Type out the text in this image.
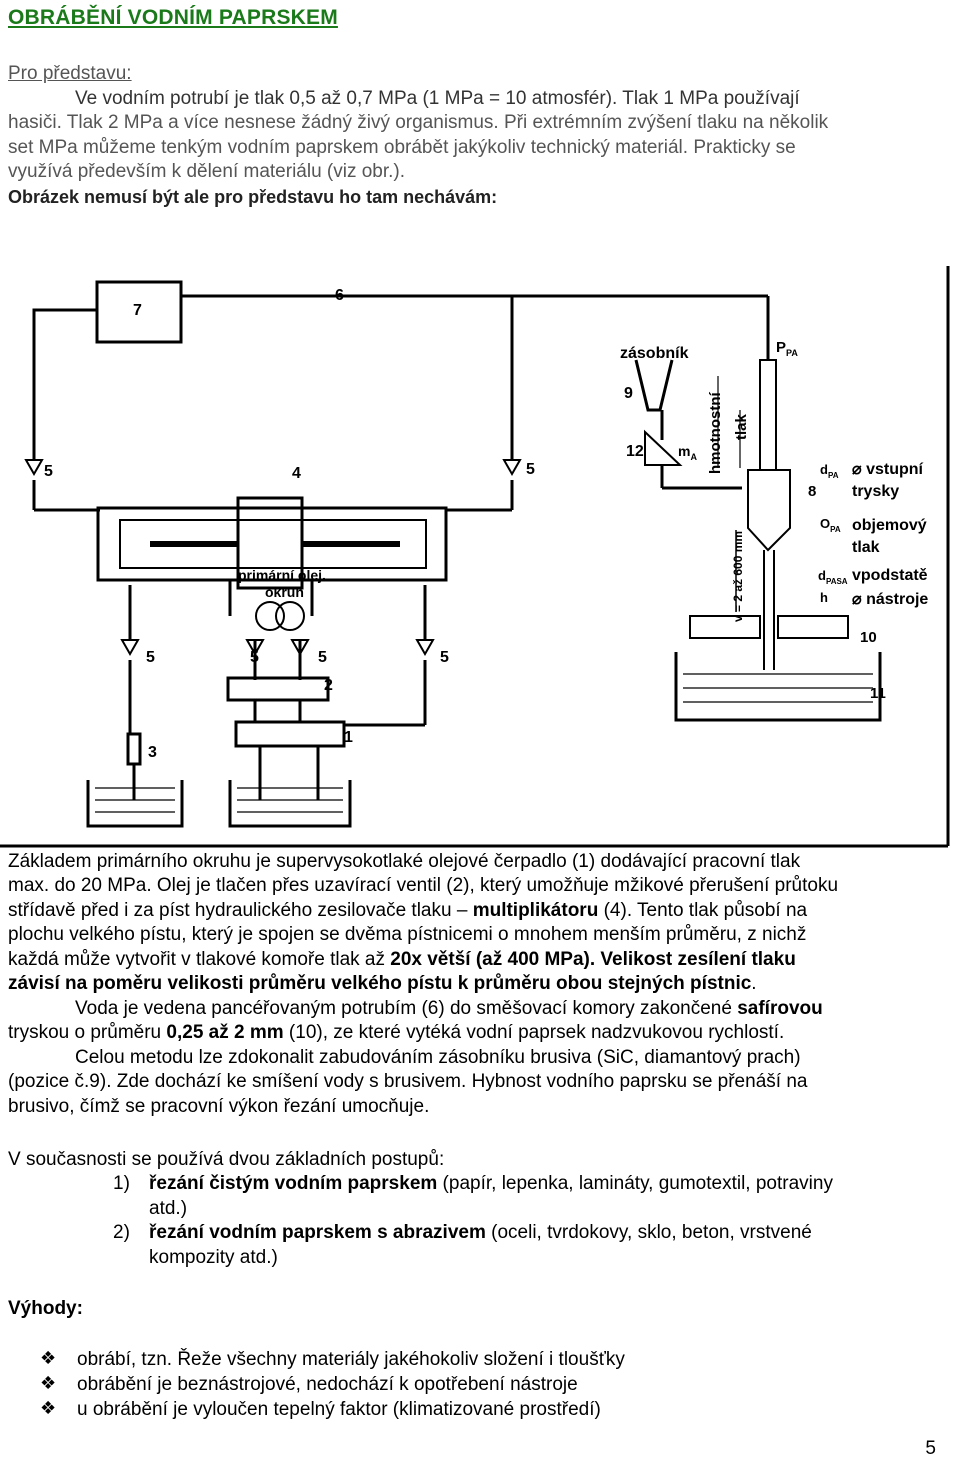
OBRÁBĚNÍ VODNÍM PAPRSKEM
Pro představu:
Ve vodním potrubí je tlak 0,5 až 0,7 MPa (1 MPa = 10 atmosfér). Tlak 1 MPa používají
hasiči. Tlak 2 MPa a více nesnese žádný živý organismus. Při extrémním zvýšení tlaku na několik
set MPa můžeme tenkým vodním paprskem obrábět jakýkoliv technický materiál. Prakticky se
využívá především k dělení materiálu (viz obr.).
Obrázek nemusí být ale pro představu ho tam nechávám:
7
6
5	5
4
5	5	5	5
2
1
3
primární olej.
okruh
zásobník
9
12 $m_A$
$P_{PA}$
hmotnostní tlak
v = 2 až 600 mm
$d_{PA}$
8
$O_{PA}$
$d_{PASA}$
h
⌀ vstupní
trysky
objemový
tlak
vpodstatě
⌀ nástroje
10
11
Základem primárního okruhu je supervysokotlaké olejové čerpadlo (1) dodávající pracovní tlak
max. do 20 MPa. Olej je tlačen přes uzavírací ventil (2), který umožňuje mžikové přerušení průtoku
střídavě před i za píst hydraulického zesilovače tlaku – multiplikátoru (4). Tento tlak působí na
plochu velkého pístu, který je spojen se dvěma pístnicemi o mnohem menším průměru, z nichž
každá může vytvořit v tlakové komoře tlak až 20x větší (až 400 MPa). Velikost zesílení tlaku
závisí na poměru velikosti průměru velkého pístu k průměru obou stejných pístnic.
Voda je vedena pancéřovaným potrubím (6) do směšovací komory zakončené safírovou
tryskou o průměru 0,25 až 2 mm (10), ze které vytéká vodní paprsek nadzvukovou rychlostí.
Celou metodu lze zdokonalit zabudováním zásobníku brusiva (SiC, diamantový prach)
(pozice č.9). Zde dochází ke smíšení vody s brusivem. Hybnost vodního paprsku se přenáší na
brusivo, čímž se pracovní výkon řezání umocňuje.
V současnosti se používá dvou základních postupů:
1) řezání čistým vodním paprskem (papír, lepenka, lamináty, gumotextil, potraviny
atd.)
2) řezání vodním paprskem s abrazivem (oceli, tvrdokovy, sklo, beton, vrstvené
kompozity atd.)
Výhody:
❖ obrábí, tzn. Řeže všechny materiály jakéhokoliv složení i tloušťky
❖ obrábění je beznástrojové, nedochází k opotřebení nástroje
❖ u obrábění je vyloučen tepelný faktor (klimatizované prostředí)
5
